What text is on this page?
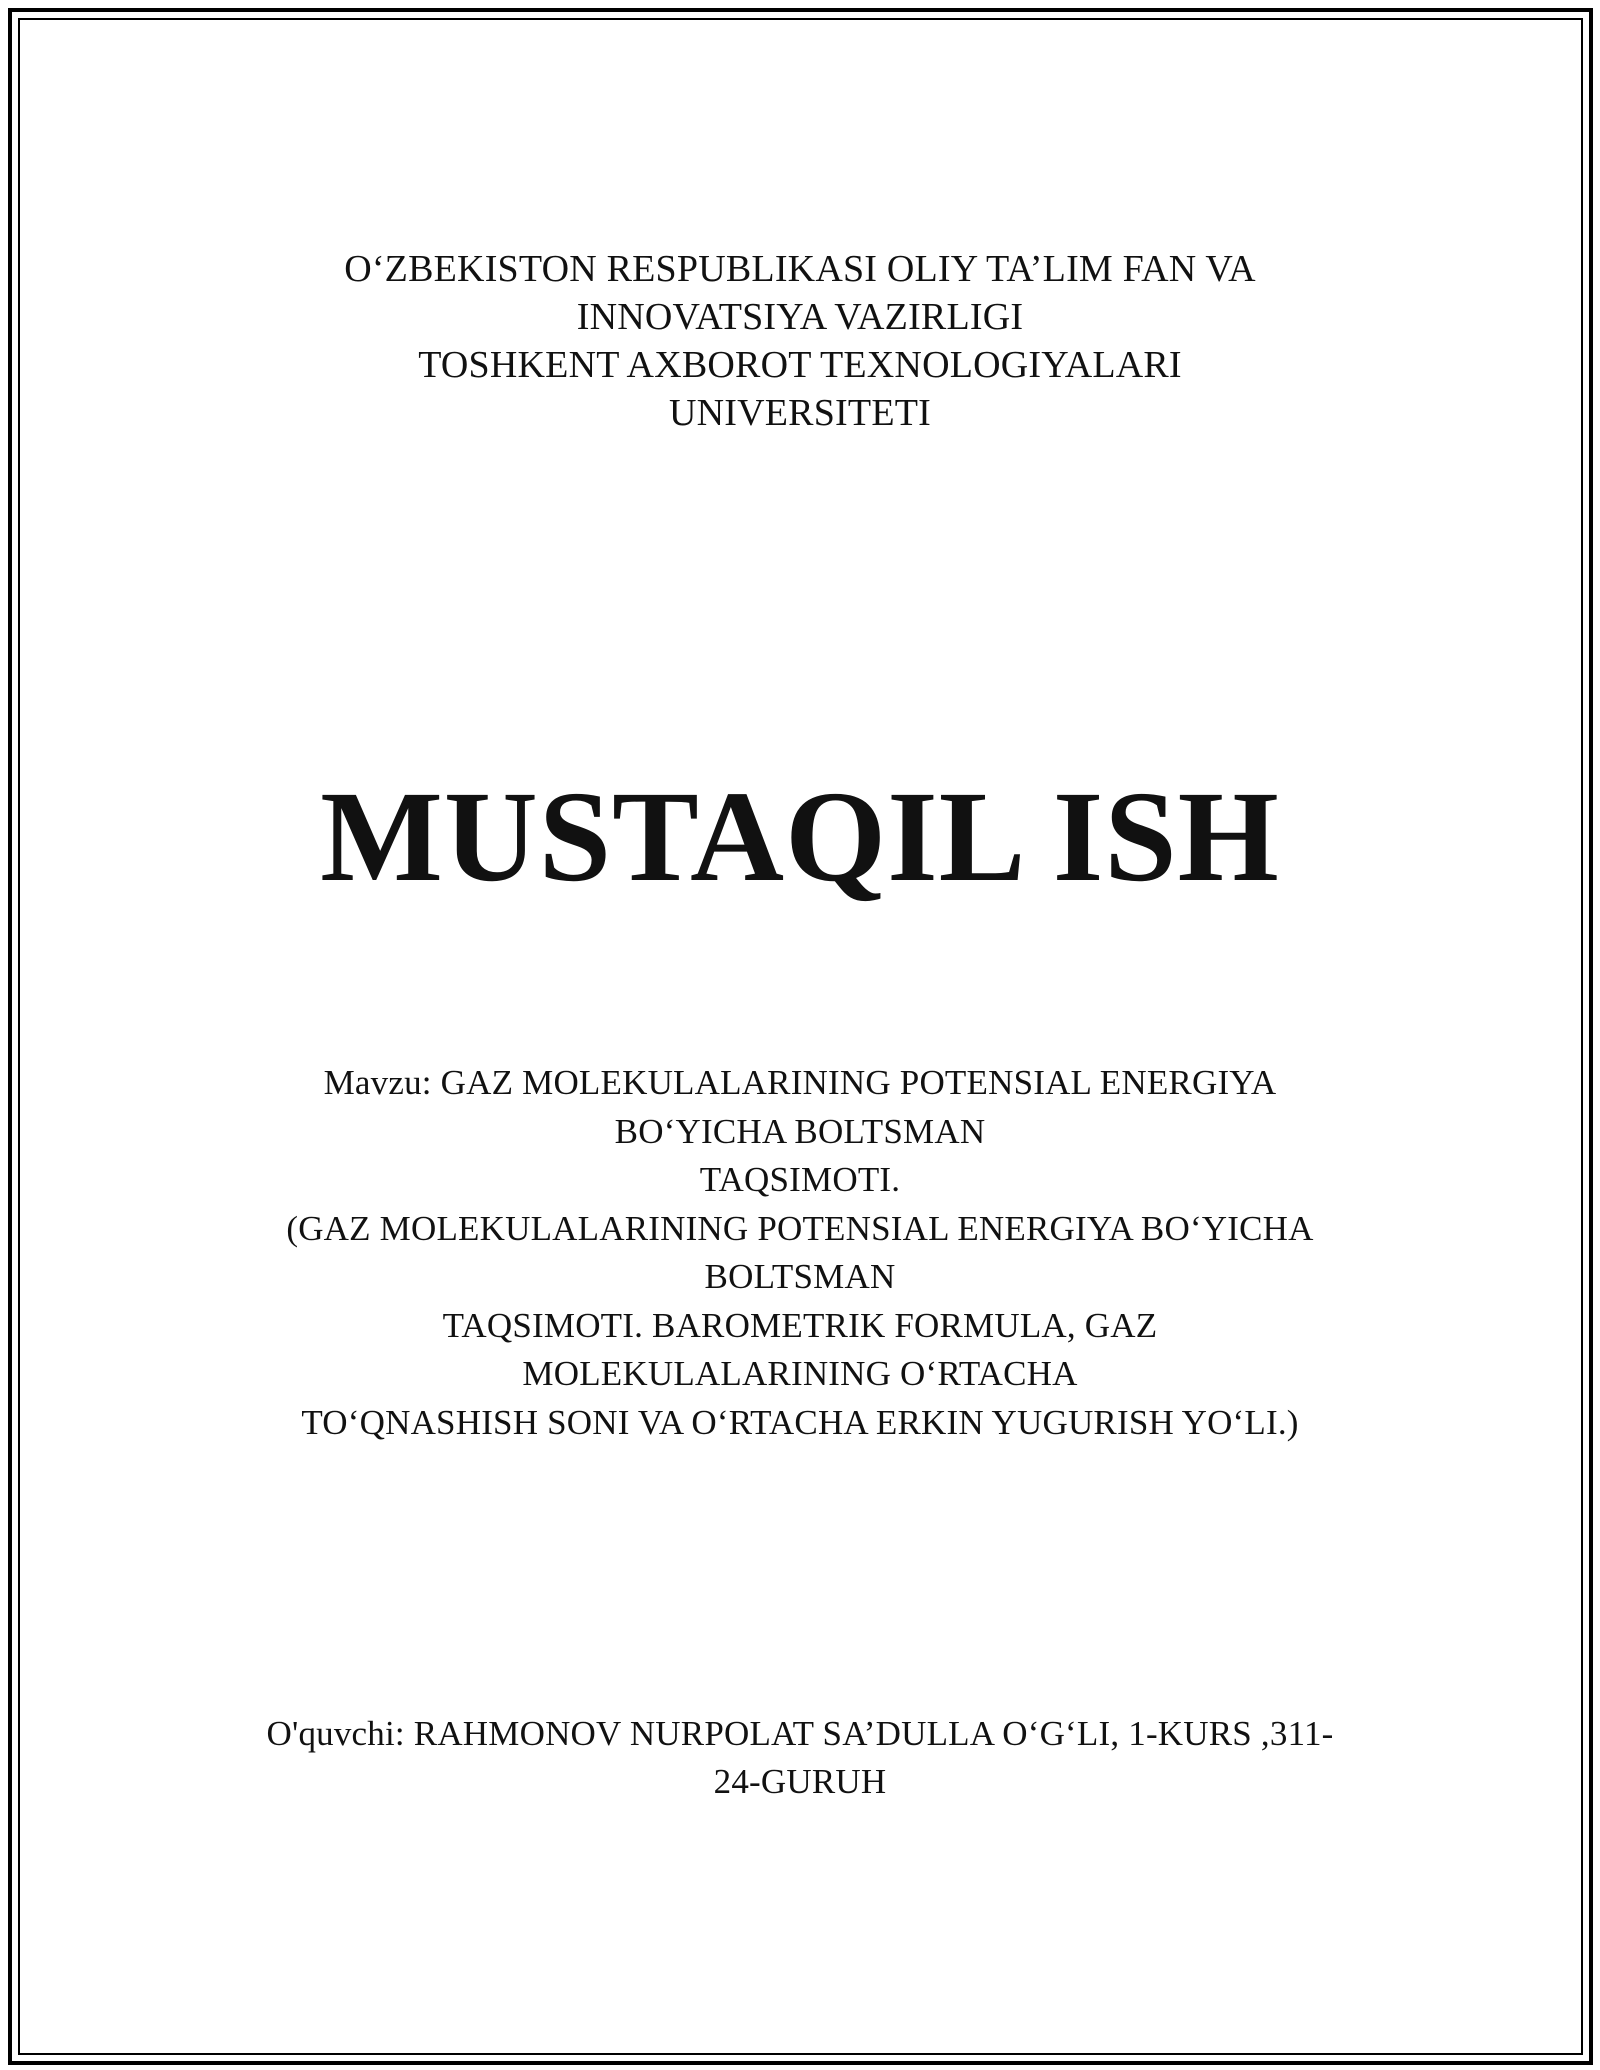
O‘ZBEKISTON RESPUBLIKASI OLIY TA’LIM FAN VA
INNOVATSIYA VAZIRLIGI
TOSHKENT AXBOROT TEXNOLOGIYALARI
UNIVERSITETI
MUSTAQIL ISH
Mavzu: GAZ MOLEKULALARINING POTENSIAL ENERGIYA
BO‘YICHA BOLTSMAN
TAQSIMOTI.
(GAZ MOLEKULALARINING POTENSIAL ENERGIYA BO‘YICHA
BOLTSMAN
TAQSIMOTI. BAROMETRIK FORMULA, GAZ
MOLEKULALARINING O‘RTACHA
TO‘QNASHISH SONI VA O‘RTACHA ERKIN YUGURISH YO‘LI.)
O'quvchi: RAHMONOV NURPOLAT SA’DULLA O‘G‘LI, 1-KURS ,311-
24-GURUH
